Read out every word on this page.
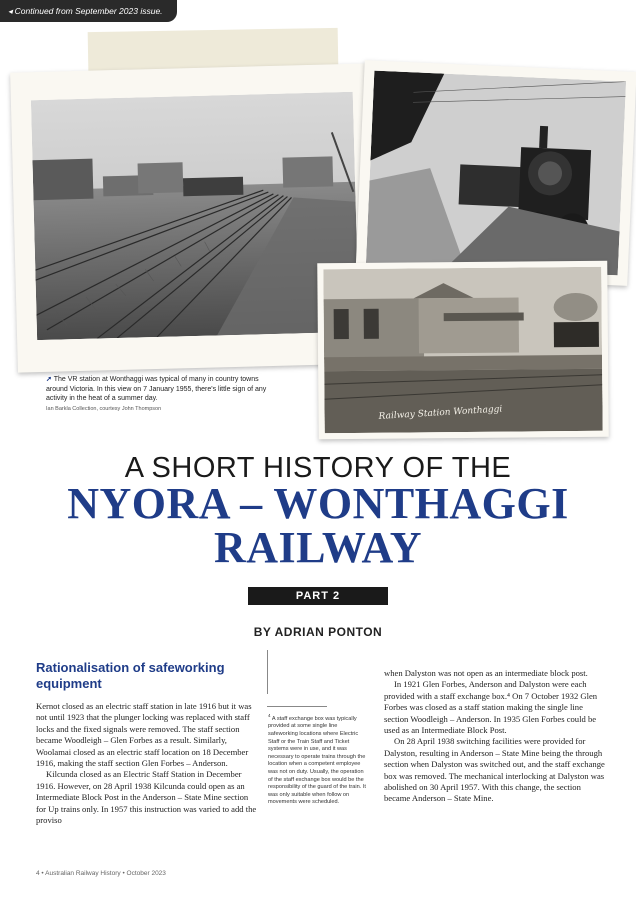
◂ Continued from September 2023 issue.
Railway Station Wonthaggi
➚ The VR station at Wonthaggi was typical of many in country towns around Victoria. In this view on 7 January 1955, there's little sign of any activity in the heat of a summer day.
Ian Barkla Collection, courtesy John Thompson
A SHORT HISTORY OF THE
NYORA – WONTHAGGI
RAILWAY
PART 2
BY ADRIAN PONTON
Rationalisation of safeworking equipment

Kernot closed as an electric staff station in late 1916 but it was not until 1923 that the plunger locking was replaced with staff locks and the fixed signals were removed. The staff section became Woodleigh – Glen Forbes as a result. Similarly, Woolamai closed as an electric staff location on 18 December 1916, making the staff section Glen Forbes – Anderson.

Kilcunda closed as an Electric Staff Station in December 1916. However, on 28 April 1938 Kilcunda could open as an Intermediate Block Post in the Anderson – State Mine section for Up trains only. In 1957 this instruction was varied to add the proviso

$^4$ A staff exchange box was typically provided at some single line safeworking locations where Electric Staff or the Train Staff and Ticket systems were in use, and it was necessary to operate trains through the location when a competent employee was not on duty. Usually, the operation of the staff exchange box would be the responsibility of the guard of the train. It was only suitable when follow on movements were scheduled.

when Dalyston was not open as an intermediate block post.

In 1921 Glen Forbes, Anderson and Dalyston were each provided with a staff exchange box.⁴ On 7 October 1932 Glen Forbes was closed as a staff station making the single line section Woodleigh – Anderson. In 1935 Glen Forbes could be used as an Intermediate Block Post.

On 28 April 1938 switching facilities were provided for Dalyston, resulting in Anderson – State Mine being the through section when Dalyston was switched out, and the staff exchange box was removed. The mechanical interlocking at Dalyston was abolished on 30 April 1957. With this change, the section became Anderson – State Mine.

4 • Australian Railway History • October 2023
